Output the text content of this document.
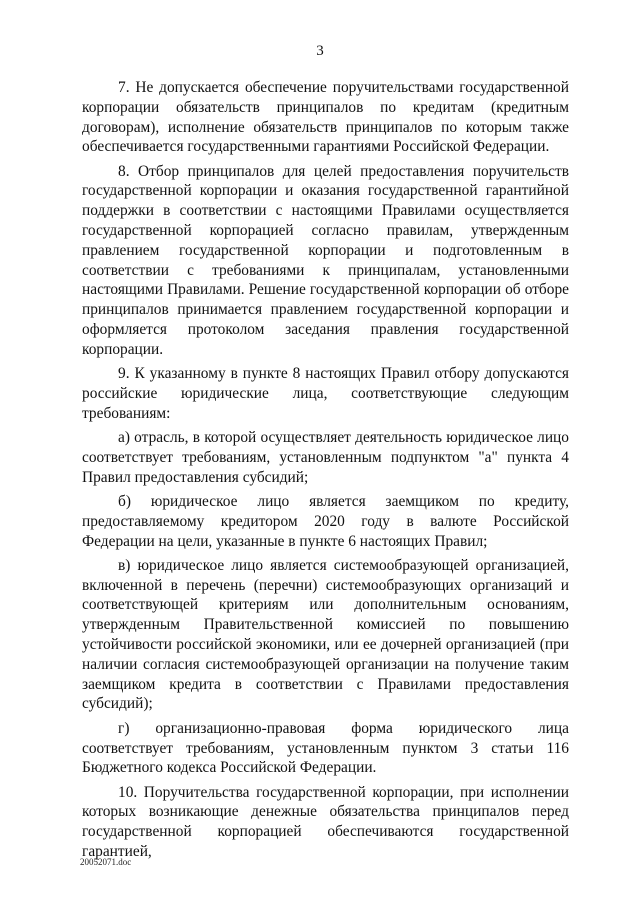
3

7. Не допускается обеспечение поручительствами государственной корпорации обязательств принципалов по кредитам (кредитным договорам), исполнение обязательств принципалов по которым также обеспечивается государственными гарантиями Российской Федерации.

8. Отбор принципалов для целей предоставления поручительств государственной корпорации и оказания государственной гарантийной поддержки в соответствии с настоящими Правилами осуществляется государственной корпорацией согласно правилам, утвержденным правлением государственной корпорации и подготовленным в соответствии с требованиями к принципалам, установленными настоящими Правилами. Решение государственной корпорации об отборе принципалов принимается правлением государственной корпорации и оформляется протоколом заседания правления государственной корпорации.

9. К указанному в пункте 8 настоящих Правил отбору допускаются российские юридические лица, соответствующие следующим требованиям:

а) отрасль, в которой осуществляет деятельность юридическое лицо соответствует требованиям, установленным подпунктом "а" пункта 4 Правил предоставления субсидий;

б) юридическое лицо является заемщиком по кредиту, предоставляемому кредитором 2020 году в валюте Российской Федерации на цели, указанные в пункте 6 настоящих Правил;

в) юридическое лицо является системообразующей организацией, включенной в перечень (перечни) системообразующих организаций и соответствующей критериям или дополнительным основаниям, утвержденным Правительственной комиссией по повышению устойчивости российской экономики, или ее дочерней организацией (при наличии согласия системообразующей организации на получение таким заемщиком кредита в соответствии с Правилами предоставления субсидий);

г) организационно-правовая форма юридического лица соответствует требованиям, установленным пунктом 3 статьи 116 Бюджетного кодекса Российской Федерации.

10. Поручительства государственной корпорации, при исполнении которых возникающие денежные обязательства принципалов перед государственной корпорацией обеспечиваются государственной гарантией,

20052071.doc
